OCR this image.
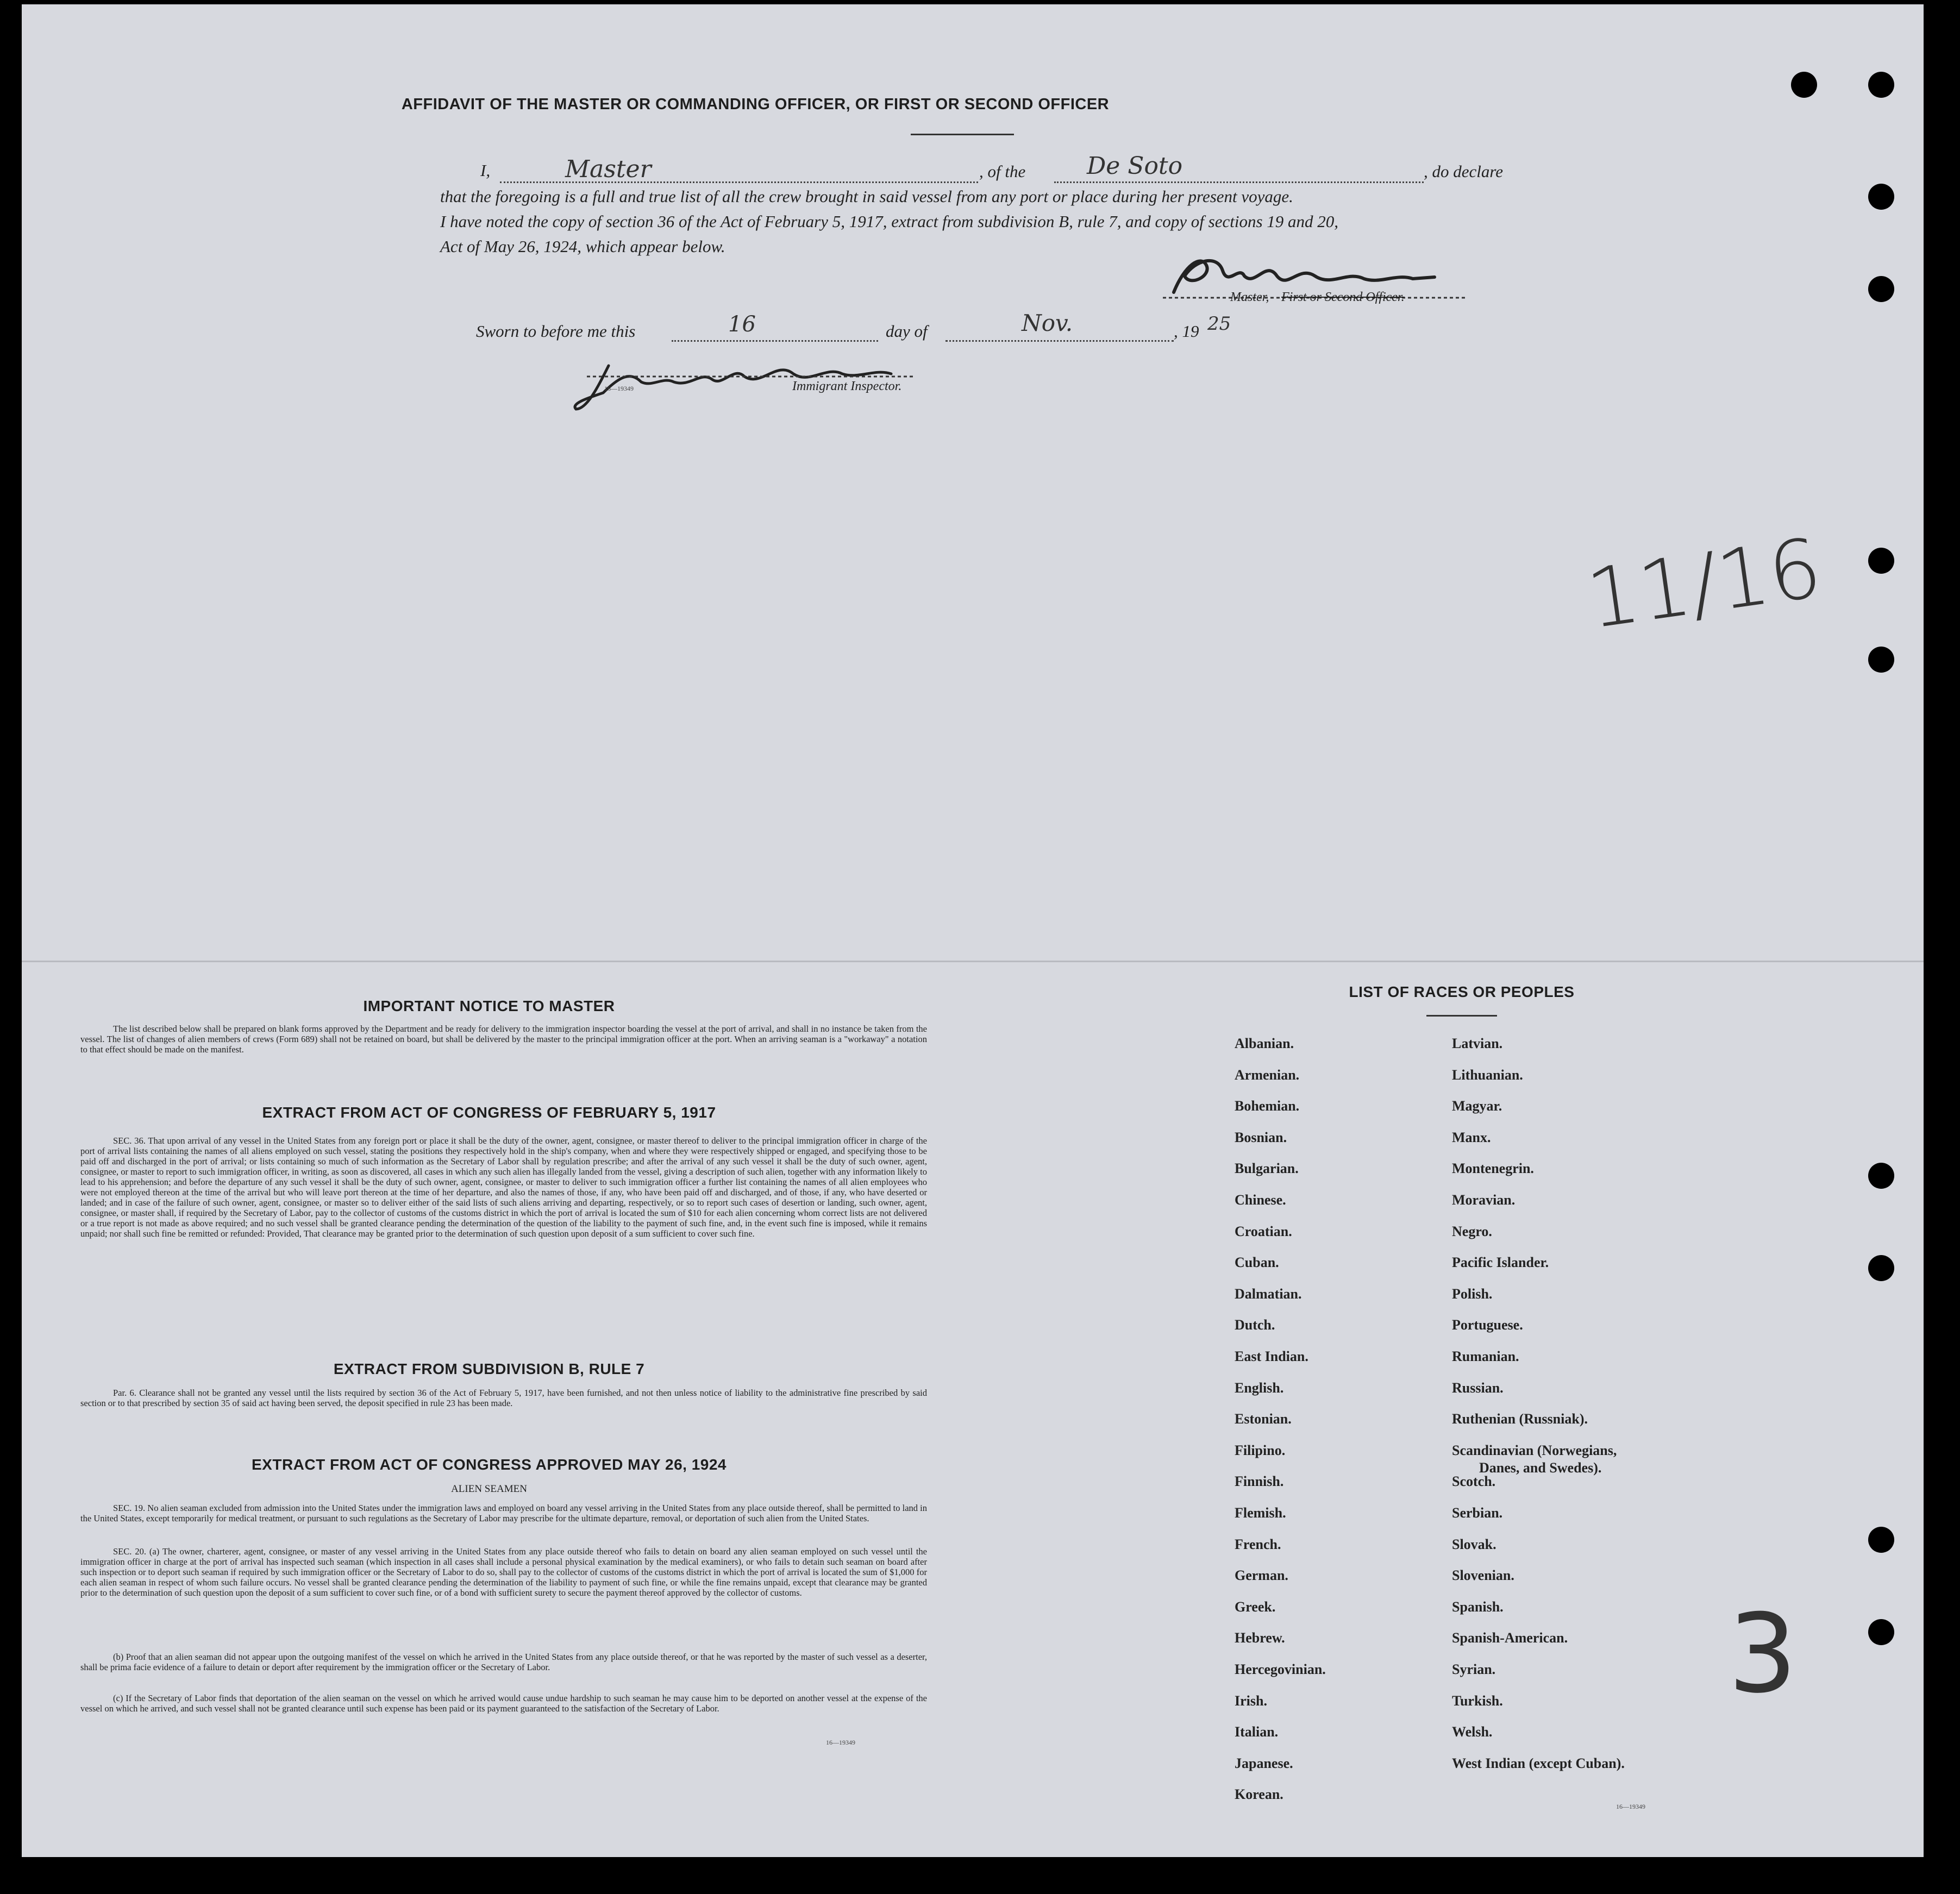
AFFIDAVIT OF THE MASTER OR COMMANDING OFFICER, OR FIRST OR SECOND OFFICER
I,	Master	, of the	De Soto	, do declare
that the foregoing is a full and true list of all the crew brought in said vessel from any port or place during her present voyage.
I have noted the copy of section 36 of the Act of February 5, 1917, extract from subdivision B, rule 7, and copy of sections 19 and 20,
Act of May 26, 1924, which appear below.
Master, First or Second Officer.
Sworn to before me this	16	day of	Nov.	, 19 25
16—19349	Immigrant Inspector.
11/16
3
IMPORTANT NOTICE TO MASTER
The list described below shall be prepared on blank forms approved by the Department and be ready for delivery to the immigration inspector boarding the vessel at the port of arrival, and shall in no instance be taken from the vessel. The list of changes of alien members of crews (Form 689) shall not be retained on board, but shall be delivered by the master to the principal immigration officer at the port. When an arriving seaman is a "workaway" a notation to that effect should be made on the manifest.
EXTRACT FROM ACT OF CONGRESS OF FEBRUARY 5, 1917
SEC. 36. That upon arrival of any vessel in the United States from any foreign port or place it shall be the duty of the owner, agent, consignee, or master thereof to deliver to the principal immigration officer in charge of the port of arrival lists containing the names of all aliens employed on such vessel, stating the positions they respectively hold in the ship's company, when and where they were respectively shipped or engaged, and specifying those to be paid off and discharged in the port of arrival; or lists containing so much of such information as the Secretary of Labor shall by regulation prescribe; and after the arrival of any such vessel it shall be the duty of such owner, agent, consignee, or master to report to such immigration officer, in writing, as soon as discovered, all cases in which any such alien has illegally landed from the vessel, giving a description of such alien, together with any information likely to lead to his apprehension; and before the departure of any such vessel it shall be the duty of such owner, agent, consignee, or master to deliver to such immigration officer a further list containing the names of all alien employees who were not employed thereon at the time of the arrival but who will leave port thereon at the time of her departure, and also the names of those, if any, who have been paid off and discharged, and of those, if any, who have deserted or landed; and in case of the failure of such owner, agent, consignee, or master so to deliver either of the said lists of such aliens arriving and departing, respectively, or so to report such cases of desertion or landing, such owner, agent, consignee, or master shall, if required by the Secretary of Labor, pay to the collector of customs of the customs district in which the port of arrival is located the sum of $10 for each alien concerning whom correct lists are not delivered or a true report is not made as above required; and no such vessel shall be granted clearance pending the determination of the question of the liability to the payment of such fine, and, in the event such fine is imposed, while it remains unpaid; nor shall such fine be remitted or refunded: Provided, That clearance may be granted prior to the determination of such question upon deposit of a sum sufficient to cover such fine.
EXTRACT FROM SUBDIVISION B, RULE 7
Par. 6. Clearance shall not be granted any vessel until the lists required by section 36 of the Act of February 5, 1917, have been furnished, and not then unless notice of liability to the administrative fine prescribed by said section or to that prescribed by section 35 of said act having been served, the deposit specified in rule 23 has been made.
EXTRACT FROM ACT OF CONGRESS APPROVED MAY 26, 1924
ALIEN SEAMEN
SEC. 19. No alien seaman excluded from admission into the United States under the immigration laws and employed on board any vessel arriving in the United States from any place outside thereof, shall be permitted to land in the United States, except temporarily for medical treatment, or pursuant to such regulations as the Secretary of Labor may prescribe for the ultimate departure, removal, or deportation of such alien from the United States.
SEC. 20. (a) The owner, charterer, agent, consignee, or master of any vessel arriving in the United States from any place outside thereof who fails to detain on board any alien seaman employed on such vessel until the immigration officer in charge at the port of arrival has inspected such seaman (which inspection in all cases shall include a personal physical examination by the medical examiners), or who fails to detain such seaman on board after such inspection or to deport such seaman if required by such immigration officer or the Secretary of Labor to do so, shall pay to the collector of customs of the customs district in which the port of arrival is located the sum of $1,000 for each alien seaman in respect of whom such failure occurs. No vessel shall be granted clearance pending the determination of the liability to payment of such fine, or while the fine remains unpaid, except that clearance may be granted prior to the determination of such question upon the deposit of a sum sufficient to cover such fine, or of a bond with sufficient surety to secure the payment thereof approved by the collector of customs.
(b) Proof that an alien seaman did not appear upon the outgoing manifest of the vessel on which he arrived in the United States from any place outside thereof, or that he was reported by the master of such vessel as a deserter, shall be prima facie evidence of a failure to detain or deport after requirement by the immigration officer or the Secretary of Labor.
(c) If the Secretary of Labor finds that deportation of the alien seaman on the vessel on which he arrived would cause undue hardship to such seaman he may cause him to be deported on another vessel at the expense of the vessel on which he arrived, and such vessel shall not be granted clearance until such expense has been paid or its payment guaranteed to the satisfaction of the Secretary of Labor.
16—19349
LIST OF RACES OR PEOPLES
Albanian.
Armenian.
Bohemian.
Bosnian.
Bulgarian.
Chinese.
Croatian.
Cuban.
Dalmatian.
Dutch.
East Indian.
English.
Estonian.
Filipino.
Finnish.
Flemish.
French.
German.
Greek.
Hebrew.
Hercegovinian.
Irish.
Italian.
Japanese.
Korean.
Latvian.
Lithuanian.
Magyar.
Manx.
Montenegrin.
Moravian.
Negro.
Pacific Islander.
Polish.
Portuguese.
Rumanian.
Russian.
Ruthenian (Russniak).
Scandinavian (Norwegians,
Danes, and Swedes).
Scotch.
Serbian.
Slovak.
Slovenian.
Spanish.
Spanish-American.
Syrian.
Turkish.
Welsh.
West Indian (except Cuban).
16—19349
